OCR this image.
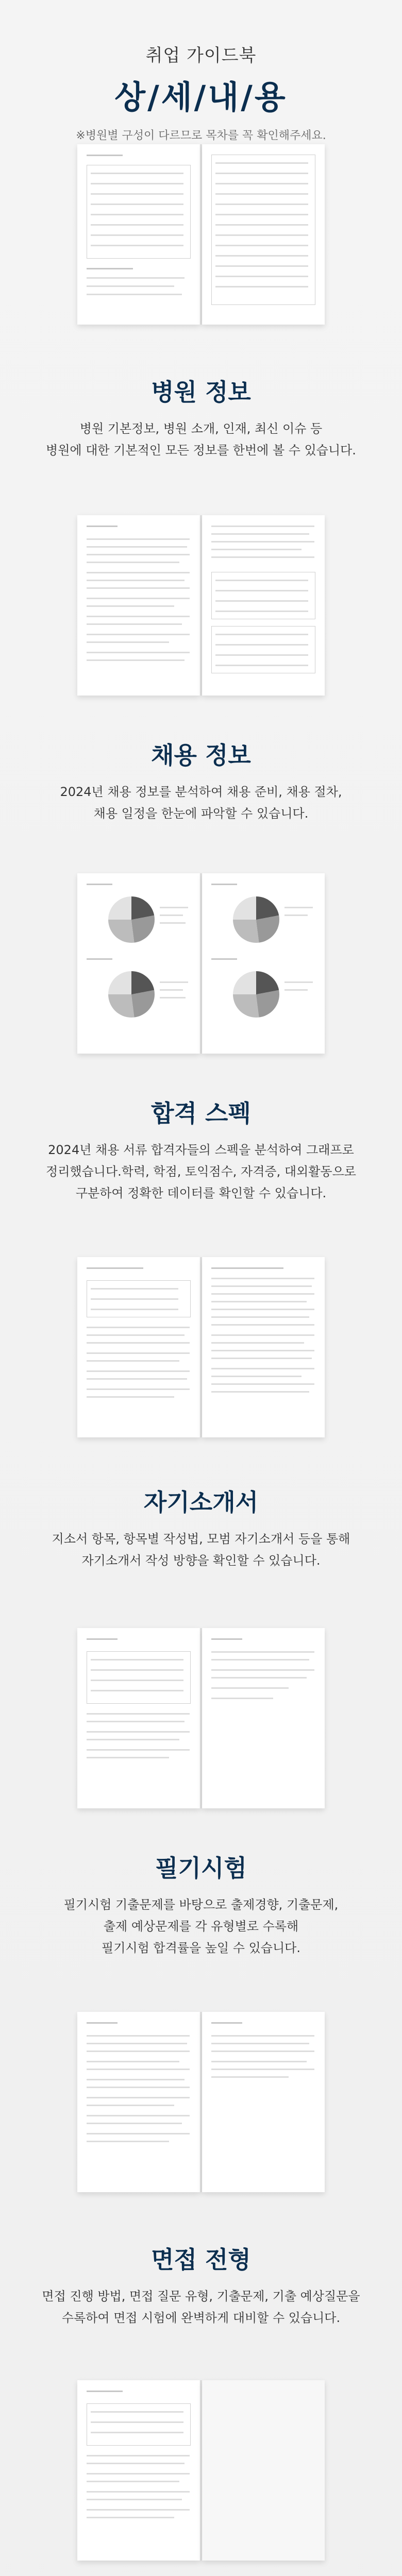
취업 가이드북
상/세/내/용
※병원별 구성이 다르므로 목차를 꼭 확인해주세요.
병원 정보
병원 기본정보, 병원 소개, 인재, 최신 이슈 등
병원에 대한 기본적인 모든 정보를 한번에 볼 수 있습니다.
채용 정보
2024년 채용 정보를 분석하여 채용 준비, 채용 절차,
채용 일정을 한눈에 파악할 수 있습니다.
합격 스펙
2024년 채용 서류 합격자들의 스펙을 분석하여 그래프로
정리했습니다.학력, 학점, 토익점수, 자격증, 대외활동으로
구분하여 정확한 데이터를 확인할 수 있습니다.
자기소개서
지소서 항목, 항목별 작성법, 모범 자기소개서 등을 통해
자기소개서 작성 방향을 확인할 수 있습니다.
필기시험
필기시험 기출문제를 바탕으로 출제경향, 기출문제,
출제 예상문제를 각 유형별로 수록해
필기시험 합격률을 높일 수 있습니다.
면접 전형
면접 진행 방법, 면접 질문 유형, 기출문제, 기출 예상질문을
수록하여 면접 시험에 완벽하게 대비할 수 있습니다.
